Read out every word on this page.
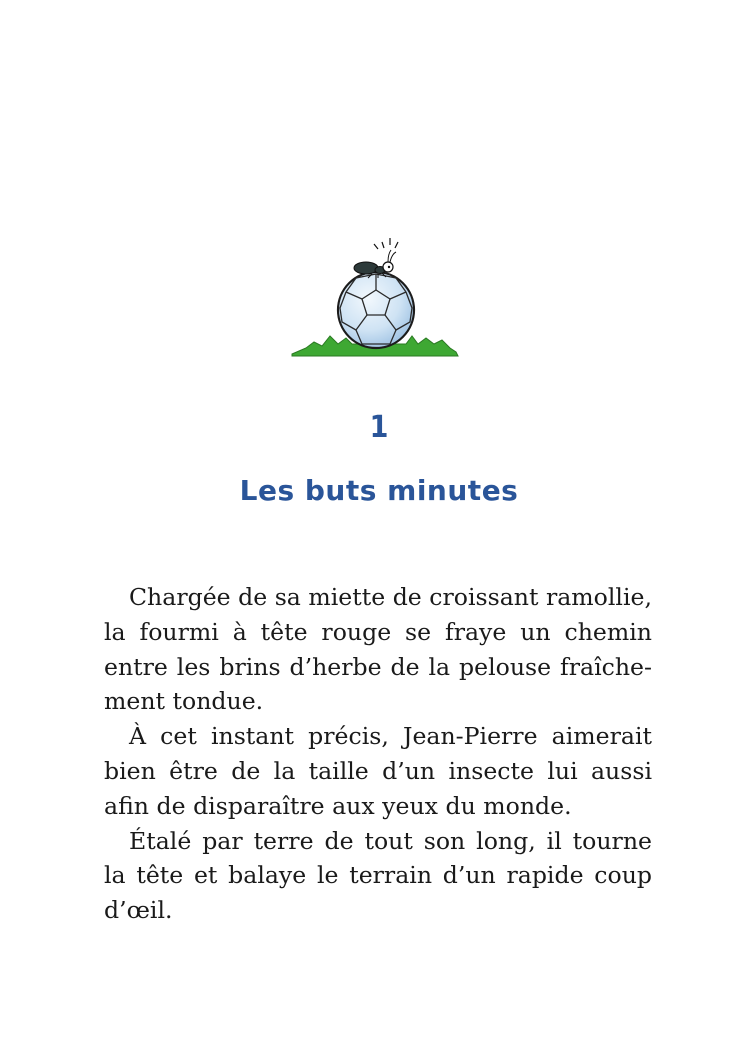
1
Les buts minutes

Chargée de sa miette de croissant ramollie,
la fourmi à tête rouge se fraye un chemin
entre les brins d’herbe de la pelouse fraîche-
ment tondue.

À cet instant précis, Jean-Pierre aimerait
bien être de la taille d’un insecte lui aussi
afin de disparaître aux yeux du monde.

Étalé par terre de tout son long, il tourne
la tête et balaye le terrain d’un rapide coup
d’œil.
